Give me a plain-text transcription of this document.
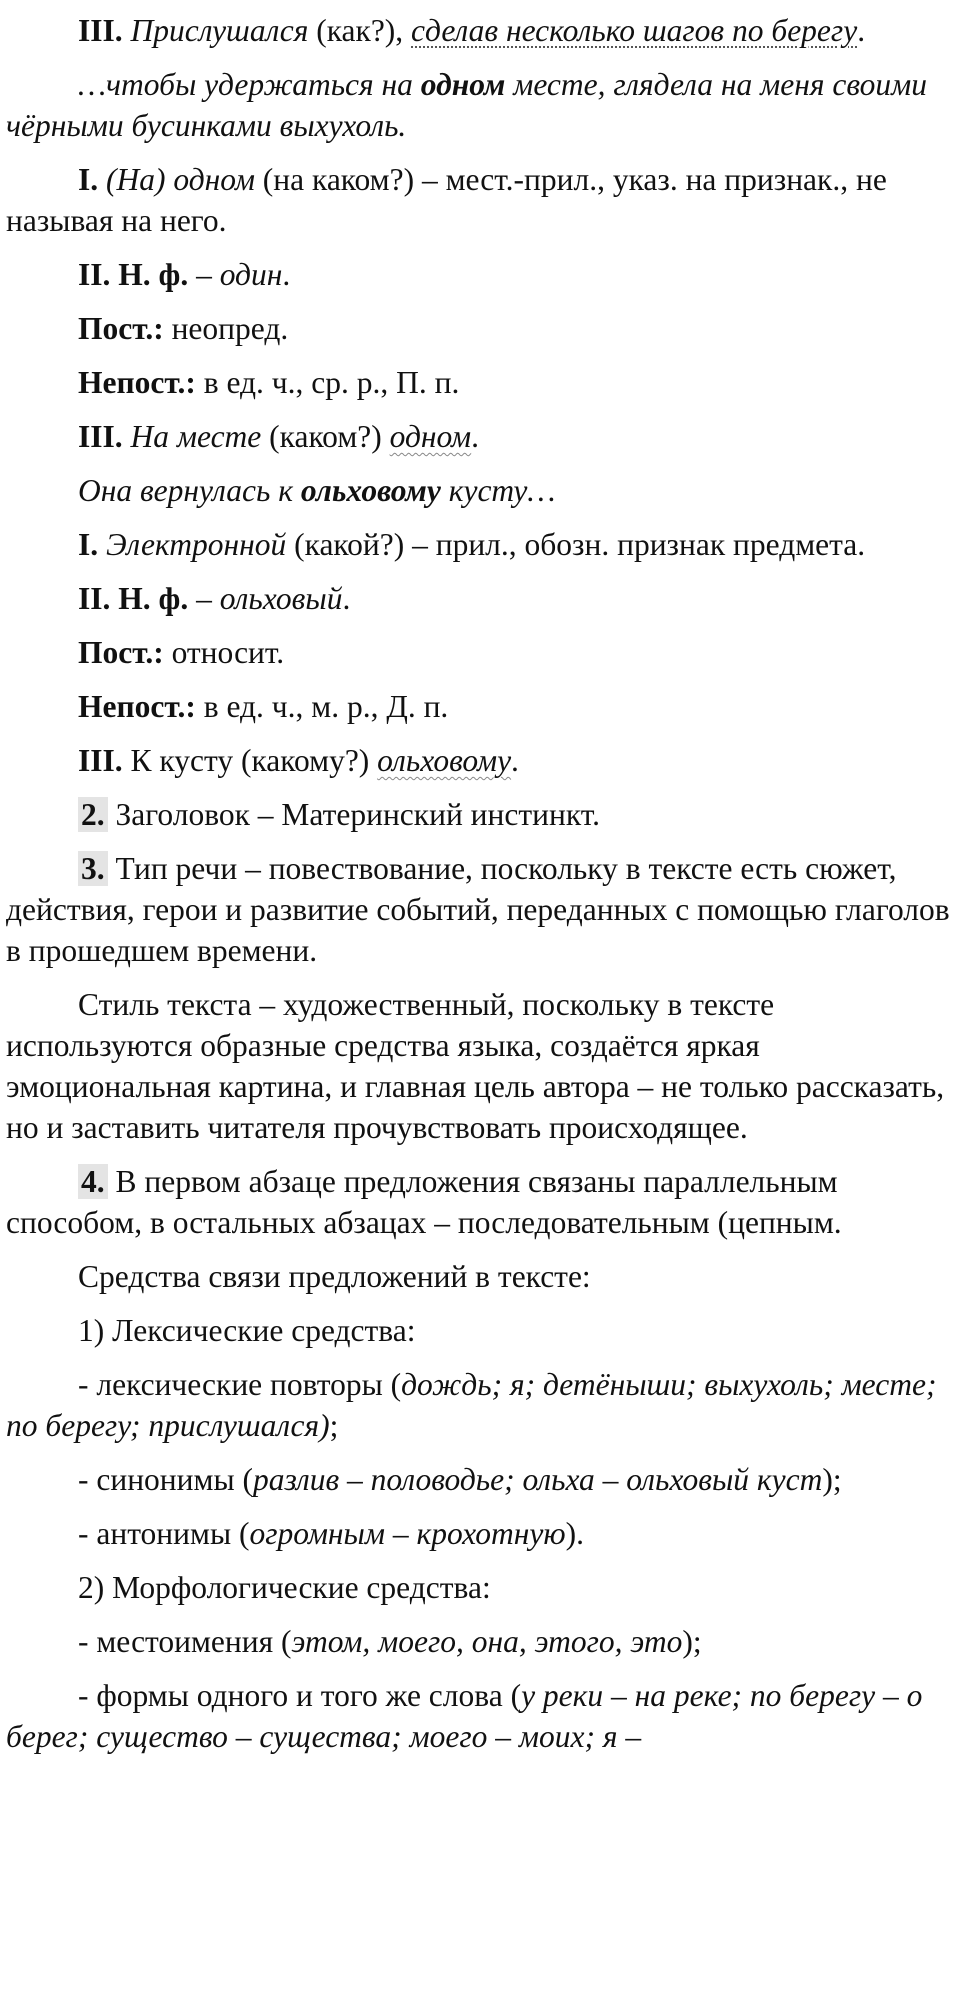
III. Прислушался (как?), сделав несколько шагов по берегу.

…чтобы удержаться на одном месте, глядела на меня своими чёрными бусинками выхухоль.

I. (На) одном (на каком?) – мест.-прил., указ. на признак., не называя на него.

II. Н. ф. – один.

Пост.: неопред.

Непост.: в ед. ч., ср. р., П. п.

III. На месте (каком?) одном.

Она вернулась к ольховому кусту…

I. Электронной (какой?) – прил., обозн. признак предмета.

II. Н. ф. – ольховый.

Пост.: относит.

Непост.: в ед. ч., м. р., Д. п.

III. К кусту (какому?) ольховому.

2. Заголовок – Материнский инстинкт.

3. Тип речи – повествование, поскольку в тексте есть сюжет, действия, герои и развитие событий, переданных с помощью глаголов в прошедшем времени.

Стиль текста – художественный, поскольку в тексте используются образные средства языка, создаётся яркая эмоциональная картина, и главная цель автора – не только рассказать, но и заставить читателя прочувствовать происходящее.

4. В первом абзаце предложения связаны параллельным способом, в остальных абзацах – последовательным (цепным.

Средства связи предложений в тексте:

1) Лексические средства:

- лексические повторы (дождь; я; детёныши; выхухоль; месте; по берегу; прислушался);

- синонимы (разлив – половодье; ольха – ольховый куст);

- антонимы (огромным – крохотную).

2) Морфологические средства:

- местоимения (этом, моего, она, этого, это);

- формы одного и того же слова (у реки – на реке; по берегу – о берег; существо – существа; моего – моих; я –
